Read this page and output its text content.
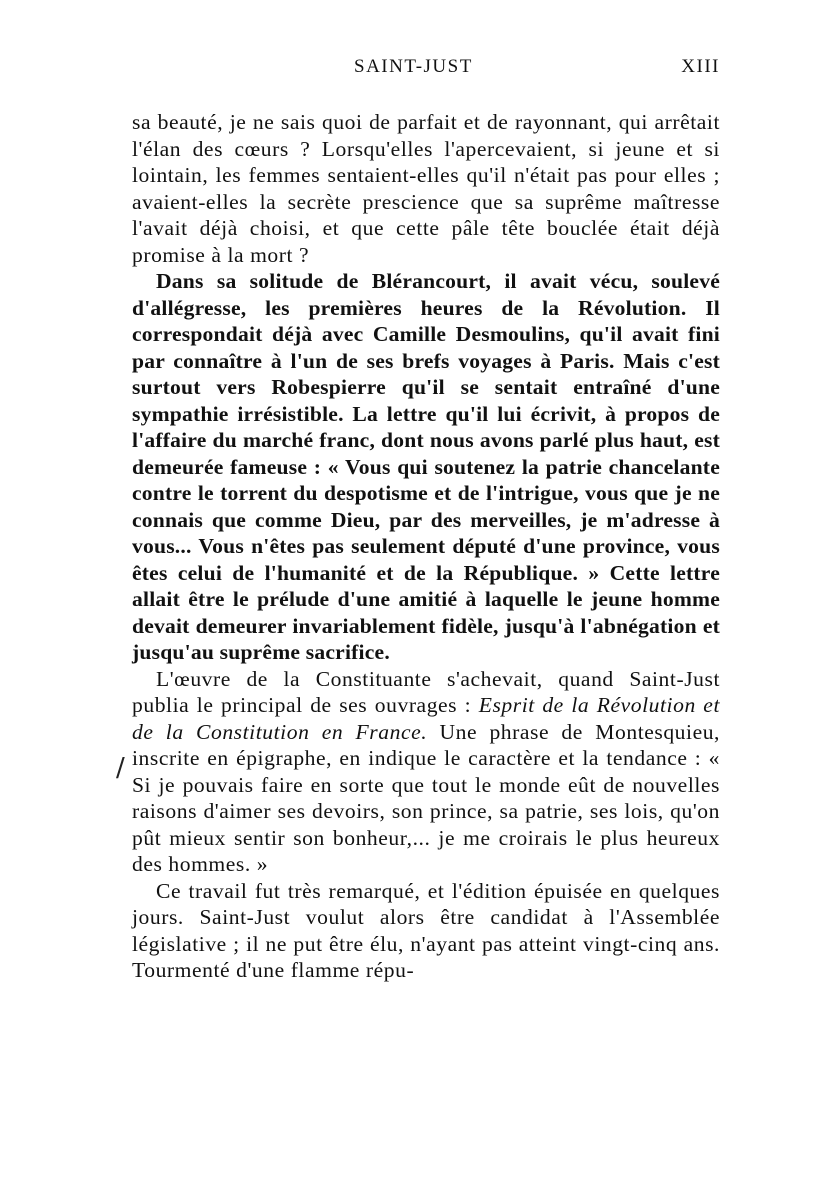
SAINT-JUST	XIII
/

sa beauté, je ne sais quoi de parfait et de rayonnant, qui arrêtait l'élan des cœurs ? Lorsqu'elles l'apercevaient, si jeune et si lointain, les femmes sentaient-elles qu'il n'était pas pour elles ; avaient-elles la secrète prescience que sa suprême maîtresse l'avait déjà choisi, et que cette pâle tête bouclée était déjà promise à la mort ?

Dans sa solitude de Blérancourt, il avait vécu, soulevé d'allégresse, les premières heures de la Révolution. Il correspondait déjà avec Camille Desmoulins, qu'il avait fini par connaître à l'un de ses brefs voyages à Paris. Mais c'est surtout vers Robespierre qu'il se sentait entraîné d'une sympathie irrésistible. La lettre qu'il lui écrivit, à propos de l'affaire du marché franc, dont nous avons parlé plus haut, est demeurée fameuse : « Vous qui soutenez la patrie chancelante contre le torrent du despotisme et de l'intrigue, vous que je ne connais que comme Dieu, par des merveilles, je m'adresse à vous... Vous n'êtes pas seulement député d'une province, vous êtes celui de l'humanité et de la République. » Cette lettre allait être le prélude d'une amitié à laquelle le jeune homme devait demeurer invariablement fidèle, jusqu'à l'abnégation et jusqu'au suprême sacrifice.

L'œuvre de la Constituante s'achevait, quand Saint-Just publia le principal de ses ouvrages : Esprit de la Révolution et de la Constitution en France. Une phrase de Montesquieu, inscrite en épigraphe, en indique le caractère et la tendance : « Si je pouvais faire en sorte que tout le monde eût de nouvelles raisons d'aimer ses devoirs, son prince, sa patrie, ses lois, qu'on pût mieux sentir son bonheur,... je me croirais le plus heureux des hommes. »

Ce travail fut très remarqué, et l'édition épuisée en quelques jours. Saint-Just voulut alors être candidat à l'Assemblée législative ; il ne put être élu, n'ayant pas atteint vingt-cinq ans. Tourmenté d'une flamme répu-
